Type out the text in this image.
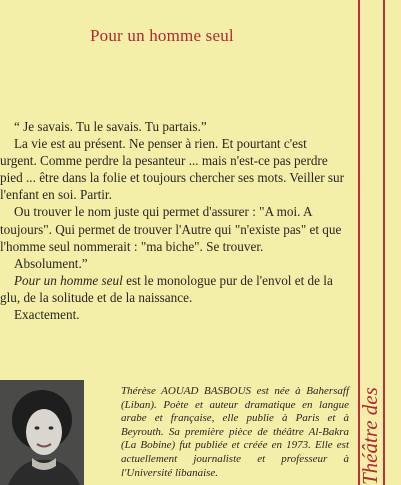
Pour un homme seul
Théâtre des

“ Je savais. Tu le savais. Tu partais.”

La vie est au présent. Ne penser à rien. Et pourtant c'est urgent. Comme perdre la pesanteur ... mais n'est-ce pas perdre pied ... être dans la folie et toujours chercher ses mots. Veiller sur l'enfant en soi. Partir.

Ou trouver le nom juste qui permet d'assurer : "A moi. A toujours". Qui permet de trouver l'Autre qui "n'existe pas" et que l'homme seul nommerait : "ma biche". Se trouver.

Absolument.”

Pour un homme seul est le monologue pur de l'envol et de la glu, de la solitude et de la naissance.

Exactement.

Thérèse AOUAD BASBOUS est née à Bahersaff (Liban). Poète et auteur dramatique en langue arabe et française, elle publie à Paris et à Beyrouth. Sa première pièce de théâtre Al-Bakra (La Bobine) fut publiée et créée en 1973. Elle est actuellement journaliste et professeur à l'Université libanaise.
